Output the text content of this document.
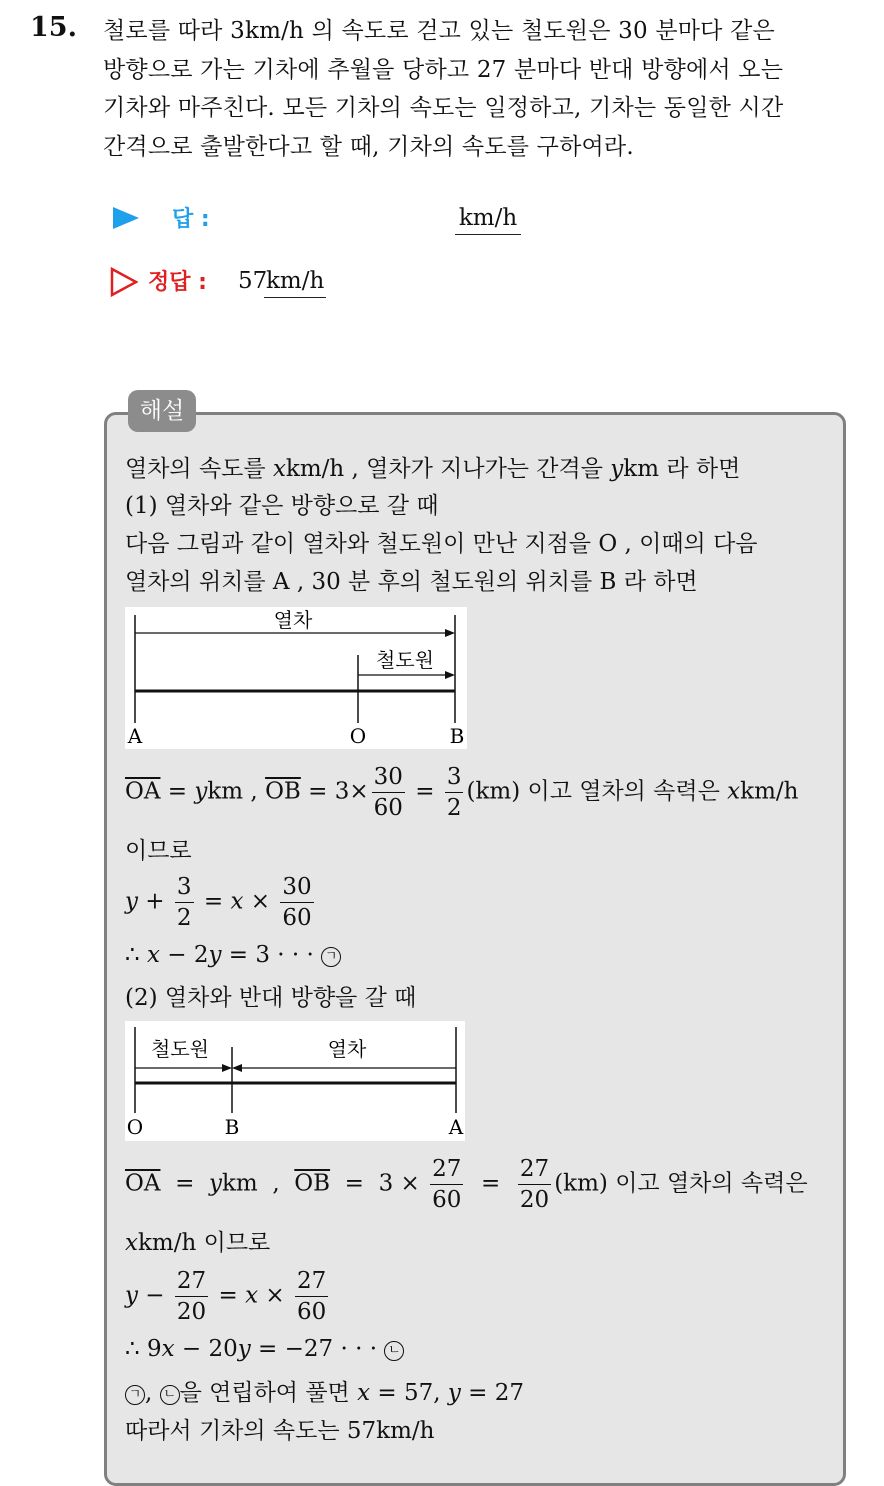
15. 철로를 따라 3km/h 의 속도로 걷고 있는 철도원은 30 분마다 같은
방향으로 가는 기차에 추월을 당하고 27 분마다 반대 방향에서 오는
기차와 마주친다. 모든 기차의 속도는 일정하고, 기차는 동일한 시간
간격으로 출발한다고 할 때, 기차의 속도를 구하여라.
답 :	km/h
정답 : 57
km/h
해설
열차의 속도를 xkm/h , 열차가 지나가는 간격을 ykm 라 하면
(1) 열차와 같은 방향으로 갈 때
다음 그림과 같이 열차와 철도원이 만난 지점을 O , 이때의 다음
열차의 위치를 A , 30 분 후의 철도원의 위치를 B 라 하면
열차
철도원
A	O	B
$\overline{OA}$ = ykm , $\overline{OB} = 3\times \frac{30}{60} = \frac{3}{2} (km)$ 이고 열차의 속력은 xkm/h
이므로
$y + \frac{3}{2} = x \times \frac{30}{60}$
∴ x − 2y = 3 · · · ㄱ
(2) 열차와 반대 방향을 갈 때
철도원	열차
O	B	A
$\overline{OA}$  =  ykm  ,  $\overline{OB} = 3 \times \frac{27}{60} = \frac{27}{20} (km)$ 이고 열차의 속력은
xkm/h 이므로
$y - \frac{27}{20} = x \times \frac{27}{60}$
∴ 9x − 20y = −27 · · · ㄴ
ㄱ , ㄴ 을 연립하여 풀면 x = 57, y = 27
따라서 기차의 속도는 57km/h
